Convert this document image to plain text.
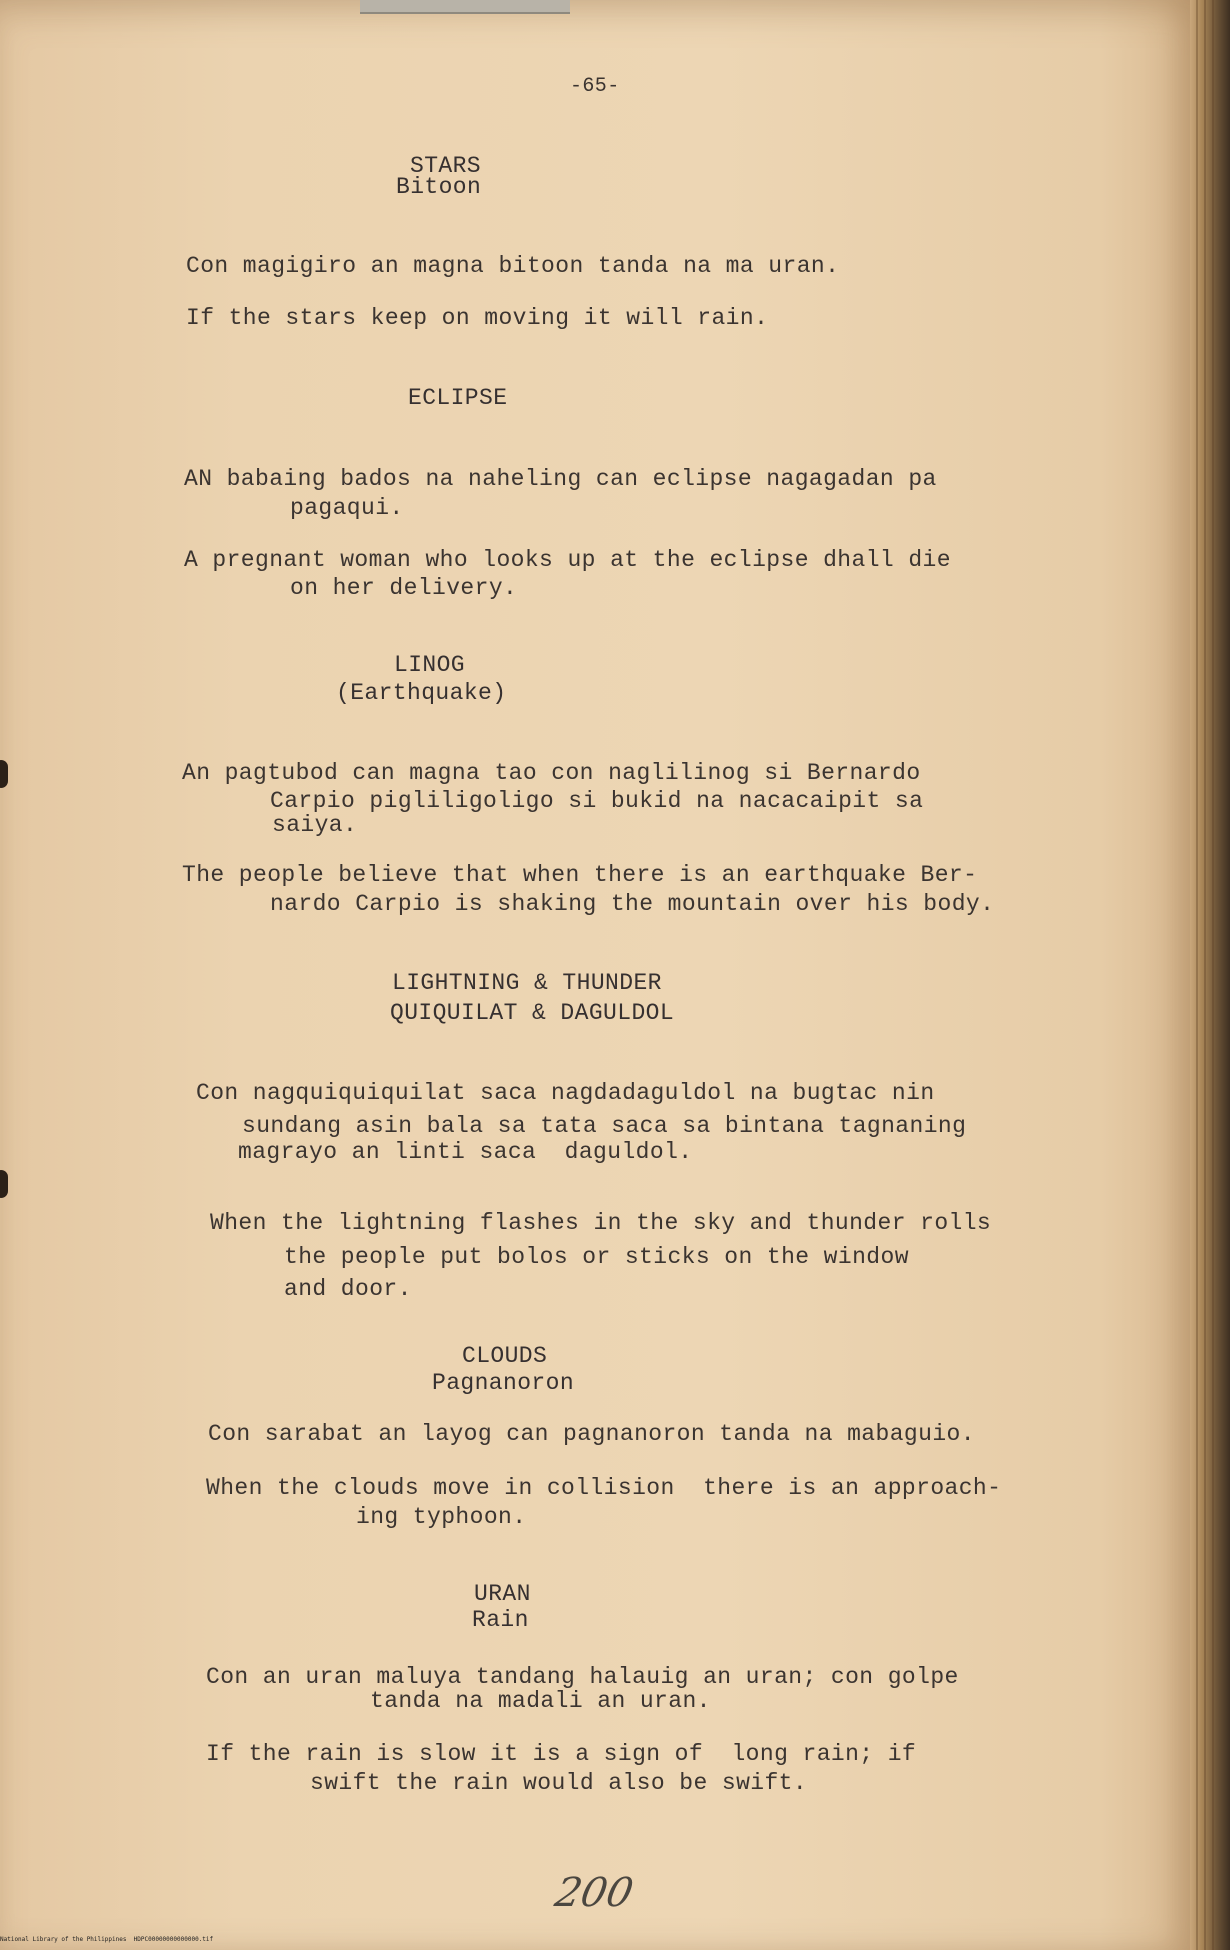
-65-
STARS
Bitoon
Con magigiro an magna bitoon tanda na ma uran.
If the stars keep on moving it will rain.
ECLIPSE
AN babaing bados na naheling can eclipse nagagadan pa
pagaqui.
A pregnant woman who looks up at the eclipse dhall die
on her delivery.
LINOG
(Earthquake)
An pagtubod can magna tao con naglilinog si Bernardo
Carpio pigliligoligo si bukid na nacacaipit sa
saiya.
The people believe that when there is an earthquake Ber-
nardo Carpio is shaking the mountain over his body.
LIGHTNING & THUNDER
QUIQUILAT & DAGULDOL
Con nagquiquiquilat saca nagdadaguldol na bugtac nin
sundang asin bala sa tata saca sa bintana tagnaning
magrayo an linti saca  daguldol.
When the lightning flashes in the sky and thunder rolls
the people put bolos or sticks on the window
and door.
CLOUDS
Pagnanoron
Con sarabat an layog can pagnanoron tanda na mabaguio.
When the clouds move in collision  there is an approach-
ing typhoon.
URAN
Rain
Con an uran maluya tandang halauig an uran; con golpe
tanda na madali an uran.
If the rain is slow it is a sign of  long rain; if
swift the rain would also be swift.
200
National Library of the Philippines  HDPC00000000000000.tif
